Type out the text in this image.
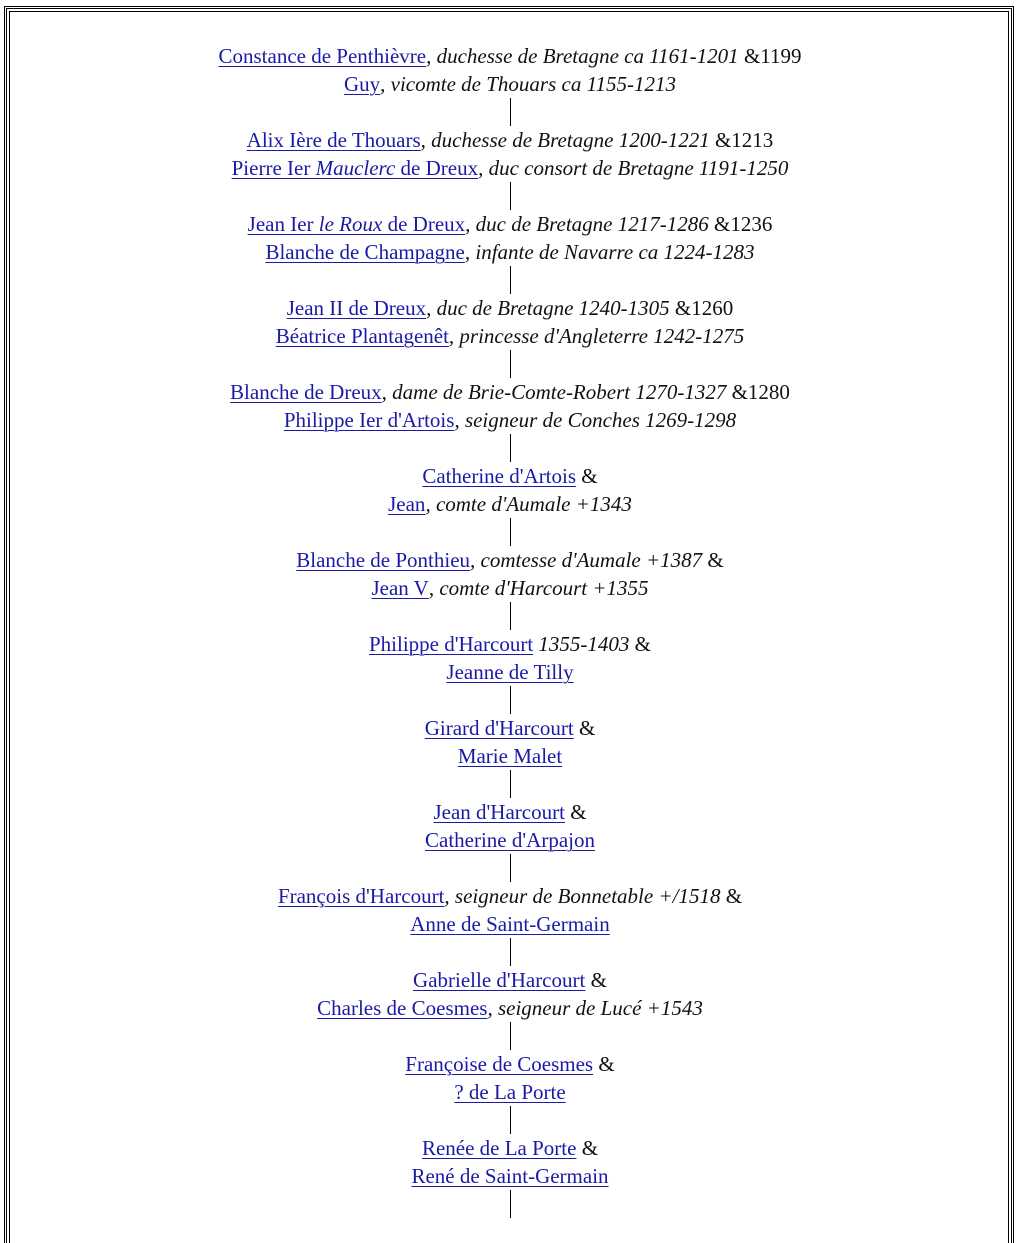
Constance de Penthièvre, duchesse de Bretagne ca 1161-1201 &1199
Guy, vicomte de Thouars ca 1155-1213
Alix Ière de Thouars, duchesse de Bretagne 1200-1221 &1213
Pierre Ier Mauclerc de Dreux, duc consort de Bretagne 1191-1250
Jean Ier le Roux de Dreux, duc de Bretagne 1217-1286 &1236
Blanche de Champagne, infante de Navarre ca 1224-1283
Jean II de Dreux, duc de Bretagne 1240-1305 &1260
Béatrice Plantagenêt, princesse d'Angleterre 1242-1275
Blanche de Dreux, dame de Brie-Comte-Robert 1270-1327 &1280
Philippe Ier d'Artois, seigneur de Conches 1269-1298
Catherine d'Artois &
Jean, comte d'Aumale +1343
Blanche de Ponthieu, comtesse d'Aumale +1387 &
Jean V, comte d'Harcourt +1355
Philippe d'Harcourt 1355-1403 &
Jeanne de Tilly
Girard d'Harcourt &
Marie Malet
Jean d'Harcourt &
Catherine d'Arpajon
François d'Harcourt, seigneur de Bonnetable +/1518 &
Anne de Saint-Germain
Gabrielle d'Harcourt &
Charles de Coesmes, seigneur de Lucé +1543
Françoise de Coesmes &
? de La Porte
Renée de La Porte &
René de Saint-Germain
